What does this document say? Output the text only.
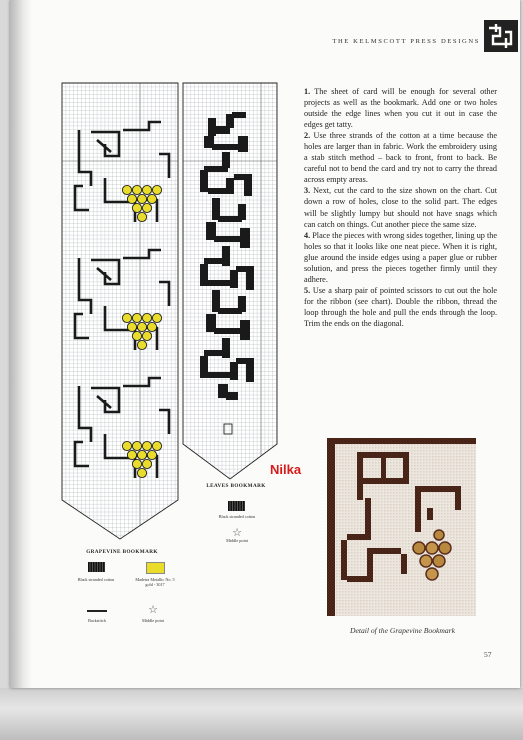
THE KELMSCOTT PRESS DESIGNS
LEAVES BOOKMARK
Black stranded cotton
☆
Middle point
GRAPEVINE BOOKMARK
Black stranded cotton	Madeira Metallic No. 5 gold - 3017
☆
Backstitch	Middle point

1. The sheet of card will be enough for several other projects as well as the bookmark. Add one or two holes outside the edge lines when you cut it out in case the edges get tatty.

2. Use three strands of the cotton at a time because the holes are larger than in fabric. Work the embroidery using a stab stitch method – back to front, front to back. Be careful not to bend the card and try not to carry the thread across empty areas.

3. Next, cut the card to the size shown on the chart. Cut down a row of holes, close to the solid part. The edges will be slightly lumpy but should not have snags which can catch on things. Cut another piece the same size.

4. Place the pieces with wrong sides together, lining up the holes so that it looks like one neat piece. When it is right, glue around the inside edges using a paper glue or rubber solution, and press the pieces together firmly until they adhere.

5. Use a sharp pair of pointed scissors to cut out the hole for the ribbon (see chart). Double the ribbon, thread the loop through the hole and pull the ends through the loop. Trim the ends on the diagonal.

Nilka
Detail of the Grapevine Bookmark
57
